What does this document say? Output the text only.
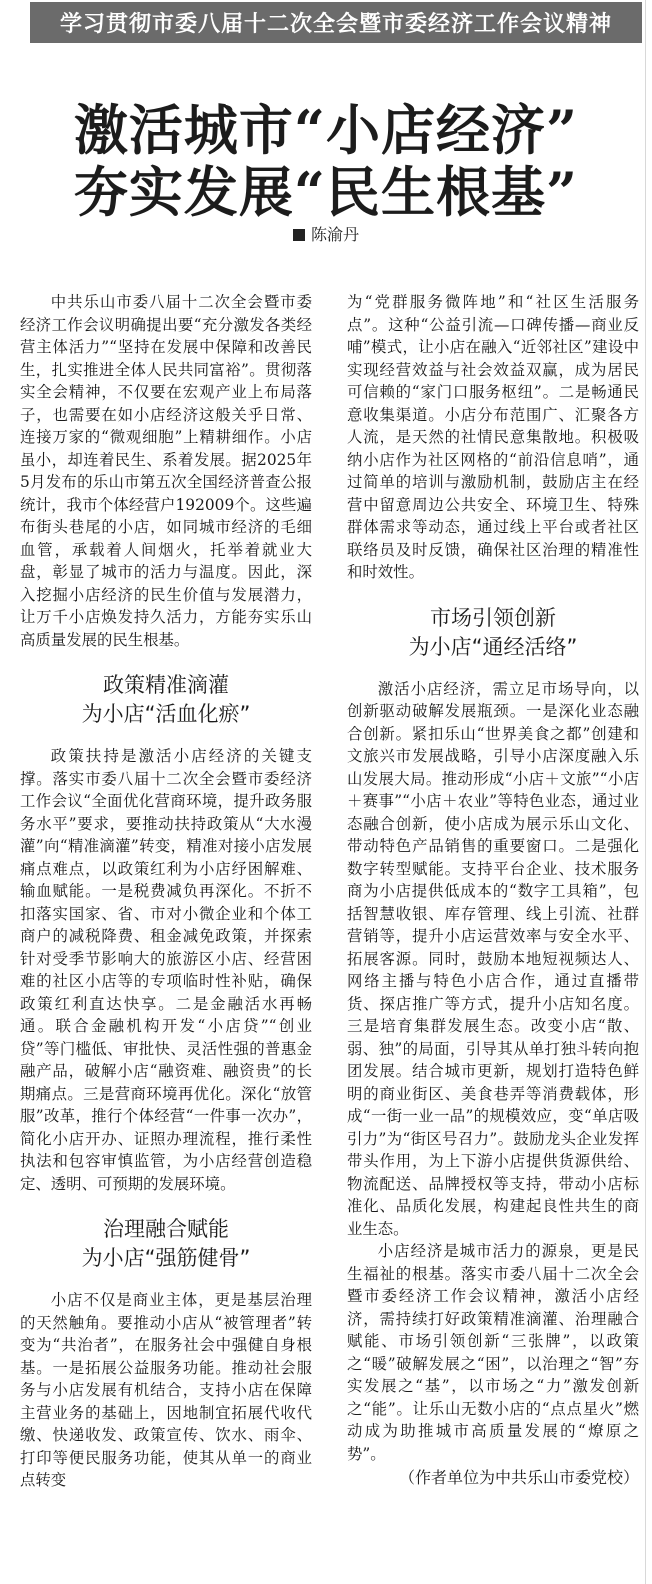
学习贯彻市委八届十二次全会暨市委经济工作会议精神
激活城市“小店经济”
夯实发展“民生根基”
陈渝丹

中共乐山市委八届十二次全会暨市委经济工作会议明确提出要“充分激发各类经营主体活力”“坚持在发展中保障和改善民生，扎实推进全体人民共同富裕”。贯彻落实全会精神，不仅要在宏观产业上布局落子，也需要在如小店经济这般关乎日常、连接万家的“微观细胞”上精耕细作。小店虽小，却连着民生、系着发展。据2025年5月发布的乐山市第五次全国经济普查公报统计，我市个体经营户192009个。这些遍布街头巷尾的小店，如同城市经济的毛细血管，承载着人间烟火，托举着就业大盘，彰显了城市的活力与温度。因此，深入挖掘小店经济的民生价值与发展潜力，让万千小店焕发持久活力，方能夯实乐山高质量发展的民生根基。

政策精准滴灌
为小店“活血化瘀”

政策扶持是激活小店经济的关键支撑。落实市委八届十二次全会暨市委经济工作会议“全面优化营商环境，提升政务服务水平”要求，要推动扶持政策从“大水漫灌”向“精准滴灌”转变，精准对接小店发展痛点难点，以政策红利为小店纾困解难、输血赋能。一是税费减负再深化。不折不扣落实国家、省、市对小微企业和个体工商户的减税降费、租金减免政策，并探索针对受季节影响大的旅游区小店、经营困难的社区小店等的专项临时性补贴，确保政策红利直达快享。二是金融活水再畅通。联合金融机构开发“小店贷”“创业贷”等门槛低、审批快、灵活性强的普惠金融产品，破解小店“融资难、融资贵”的长期痛点。三是营商环境再优化。深化“放管服”改革，推行个体经营“一件事一次办”，简化小店开办、证照办理流程，推行柔性执法和包容审慎监管，为小店经营创造稳定、透明、可预期的发展环境。

治理融合赋能
为小店“强筋健骨”

小店不仅是商业主体，更是基层治理的天然触角。要推动小店从“被管理者”转变为“共治者”，在服务社会中强健自身根基。一是拓展公益服务功能。推动社会服务与小店发展有机结合，支持小店在保障主营业务的基础上，因地制宜拓展代收代缴、快递收发、政策宣传、饮水、雨伞、打印等便民服务功能，使其从单一的商业点转变

为“党群服务微阵地”和“社区生活服务点”。这种“公益引流—口碑传播—商业反哺”模式，让小店在融入“近邻社区”建设中实现经营效益与社会效益双赢，成为居民可信赖的“家门口服务枢纽”。二是畅通民意收集渠道。小店分布范围广、汇聚各方人流，是天然的社情民意集散地。积极吸纳小店作为社区网格的“前沿信息哨”，通过简单的培训与激励机制，鼓励店主在经营中留意周边公共安全、环境卫生、特殊群体需求等动态，通过线上平台或者社区联络员及时反馈，确保社区治理的精准性和时效性。

市场引领创新
为小店“通经活络”

激活小店经济，需立足市场导向，以创新驱动破解发展瓶颈。一是深化业态融合创新。紧扣乐山“世界美食之都”创建和文旅兴市发展战略，引导小店深度融入乐山发展大局。推动形成“小店＋文旅”“小店＋赛事”“小店＋农业”等特色业态，通过业态融合创新，使小店成为展示乐山文化、带动特色产品销售的重要窗口。二是强化数字转型赋能。支持平台企业、技术服务商为小店提供低成本的“数字工具箱”，包括智慧收银、库存管理、线上引流、社群营销等，提升小店运营效率与安全水平、拓展客源。同时，鼓励本地短视频达人、网络主播与特色小店合作，通过直播带货、探店推广等方式，提升小店知名度。三是培育集群发展生态。改变小店“散、弱、独”的局面，引导其从单打独斗转向抱团发展。结合城市更新，规划打造特色鲜明的商业街区、美食巷弄等消费载体，形成“一街一业一品”的规模效应，变“单店吸引力”为“街区号召力”。鼓励龙头企业发挥带头作用，为上下游小店提供货源供给、物流配送、品牌授权等支持，带动小店标准化、品质化发展，构建起良性共生的商业生态。

小店经济是城市活力的源泉，更是民生福祉的根基。落实市委八届十二次全会暨市委经济工作会议精神，激活小店经济，需持续打好政策精准滴灌、治理融合赋能、市场引领创新“三张牌”，以政策之“暖”破解发展之“困”，以治理之“智”夯实发展之“基”，以市场之“力”激发创新之“能”。让乐山无数小店的“点点星火”燃动成为助推城市高质量发展的“燎原之势”。

（作者单位为中共乐山市委党校）
